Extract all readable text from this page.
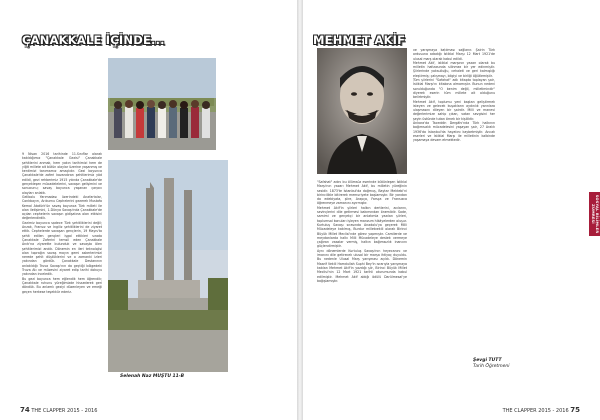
ÇANAKKALE İÇİNDE...
9 Nisan 2016 tarihinde 11.Sınıflar olarak katıldığımız "Çanakkale Gezisi" Çanakkale şehitlerini anmak, hem yakın tarihimizi hem de yiğit millete ait bütün olaylar üzerine yaşanmış ve kentimizi tanımamız amaçlıdır. Gezi boyunca Çanakkale'de zaferi kazandıran şehitlerimiz yâd edildi, gezi rehberimiz 1915 yılında Çanakkale'de gerçekleşen mücadelelerini, savaşın gelişimini ve sonucunu; savaş boyunca yaşanan çarpıcı olayları anlattı.
Gelibolu Yarımadası üzerindeki Anafartalar, Conkbayırı, Arıburnu Cephelerini gezerek Mustafa Kemal Atatürk'ün savaş boyunca Türk milleti ile olan iletişimini, 1.Dünya Savaşı'nda Çanakkale'de açılan cephelerin savaşın gidişatına olan etkisini değerlendirdik.
Gezimiz boyunca sadece Türk şehitliklerini değil; Anzak, Fransız ve İngiliz şehitliklerini de ziyaret ettik. Cephelerde savaşan gençlerin, 19 Mayıs'ta şehit edilen gençleri işgal ettikleri sırada Çanakkale Zaferini temsil eden Çanakkale Anıtı'na ziyarette bulunduk ve savaşta ölen şehitlerimizi andık. Dönemin en ileri teknolojisi olan toprağın savaş mayın gemi askerlerimizi nerede şehit düştüklerini ve o zamanki izleri yakından gördük. Çanakkale Destanının anlatıldığı Truva Savaşı'nın da geçtiği bölgedeki Truva Atı ve müzesini ziyaret edip tarihi dokuyu yakından inceledik.
Bu gezi boyunca hem eğlendik hem öğrendik; Çanakkale ruhunu yüreğimizde hissederek geri döndük. Bu anlamlı geziyi düzenleyen ve emeği geçen herkese teşekkür ederiz.
Selenah Naz MUŞTU 11-B
74 THE CLAPPER 2015 - 2016
MEHMET AKİF
"Safahat" adını bu ölümsüz eserinde bütünleşen İstiklal Marşı'nın yazarı Mehmet Akif, bu milletin yüreğinin sesidir. 1873'te İstanbul'da doğmuş, Baytar Mektebi'ni birincilikle bitirerek memuriyete başlamıştır. Bir yandan da edebiyata, şiire, Arapça, Farsça ve Fransızca öğrenmeye zamanını ayırmıştır.
Mehmet Akif'in şiirleri halkın dertlerini, acılarını, sevinçlerini dile getirmesi bakımından önemlidir. Sade, samimi ve gerçekçi bir anlatımla yazılan şiirleri, toplumsal konuları işleyen manzum hikâyelerden oluşur.
Kurtuluş Savaşı sırasında Anadolu'ya geçerek Milli Mücadeleye katılmış, Burdur milletvekili olarak Birinci Büyük Millet Meclisi'nde görev yapmıştır. Camilerde ve meydanlarda halkı Milli Mücadeleye destek vermeye çağıran vaazlar vermiş, halkın bağımsızlık inancını güçlendirmiştir.
Aynı dönemlerde Kurtuluş Savaşı'nın heyecanını ve imanını dile getirecek ulusal bir marşa ihtiyaç duyuldu. Bu nedenle Ulusal Marş yarışması açıldı. Dönemin Maarif Vekili Hamdullah Suphi Bey'in ısrarıyla yarışmaya katılan Mehmet Akif'in yazdığı şiir, Birinci Büyük Millet Meclisi'nin 12 Mart 1921 tarihli oturumunda kabul edilmiştir. Mehmet Akif aldığı ödülü Darülmesai'ye bağışlamıştır.
ve yarışmaya katılması sağlanır. Şairin Türk ordusuna adadığı İstiklal Marşı 12 Mart 1921'de ulusal marş olarak kabul edildi.
Mehmet Akif, istiklal marşının yazarı olarak bu milletin hafızasında silinmez bir yer edinmiştir. Şiirlerinde yoksulluğu, cehaleti ve geri kalmışlığı eleştirmiş; çalışmayı, bilgiyi ve birliği öğütlemiştir.
Tüm şiirlerini "Safahat" adlı kitapta toplayan şair, İstiklal Marşı'nı kitabına almamıştır. Bunun nedeni sorulduğunda "O benim değil, milletimindir" diyerek eserin tüm millete ait olduğunu belirtmiştir.
Mehmet Akif, toplumu yeni baştan geliştirmek isteyen ve gelecek kuşakların aydınlık yarınlara ulaşmasını dileyen bir şairdir. Milli ve manevi değerlerimize sahip çıkan, vatan sevgisini her şeyin üstünde tutan örnek bir kişiliktir.
Ankara'da Taceddin Dergâhı'nda Türk halkının bağımsızlık mücadelesini yaşayan şair, 27 Aralık 1936'da İstanbul'da hayatını kaybetmiştir. Ancak eserleri ve İstiklal Marşı ile milletinin kalbinde yaşamaya devam etmektedir.
Şevgi TUTT
Tarih Öğretmeni
SOSYAL BİLİMLER
ZÜMRESİ
THE CLAPPER 2015 - 2016 75
